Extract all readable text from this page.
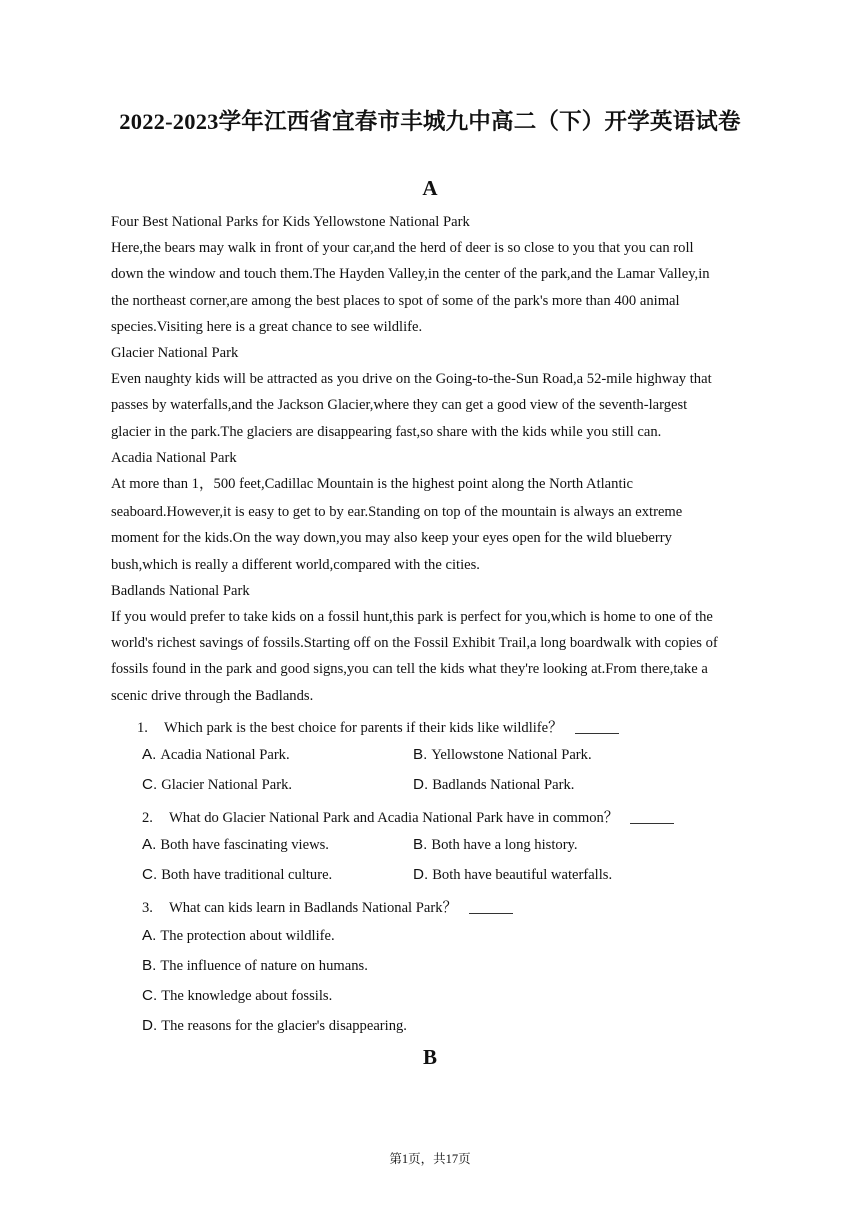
2022-2023学年江西省宜春市丰城九中高二（下）开学英语试卷
A
Four Best National Parks for Kids Yellowstone National Park
Here,the bears may walk in front of your car,and the herd of deer is so close to you that you can roll
down the window and touch them.The Hayden Valley,in the center of the park,and the Lamar Valley,in
the northeast corner,are among the best places to spot of some of the park's more than 400 animal
species.Visiting here is a great chance to see wildlife.
Glacier National Park
Even naughty kids will be attracted as you drive on the Going-to-the-Sun Road,a 52-mile highway that
passes by waterfalls,and the Jackson Glacier,where they can get a good view of the seventh-largest
glacier in the park.The glaciers are disappearing fast,so share with the kids while you still can.
Acadia National Park
At more than 1，500 feet,Cadillac Mountain is the highest point along the North Atlantic
seaboard.However,it is easy to get to by ear.Standing on top of the mountain is always an extreme
moment for the kids.On the way down,you may also keep your eyes open for the wild blueberry
bush,which is really a different world,compared with the cities.
Badlands National Park
If you would prefer to take kids on a fossil hunt,this park is perfect for you,which is home to one of the
world's richest savings of fossils.Starting off on the Fossil Exhibit Trail,a long boardwalk with copies of
fossils found in the park and good signs,you can tell the kids what they're looking at.From there,take a
scenic drive through the Badlands.
1. Which park is the best choice for parents if their kids like wildlife？
A. Acadia National Park.	B. Yellowstone National Park.
C. Glacier National Park.	D. Badlands National Park.
2. What do Glacier National Park and Acadia National Park have in common？
A. Both have fascinating views.	B. Both have a long history.
C. Both have traditional culture.	D. Both have beautiful waterfalls.
3. What can kids learn in Badlands National Park？
A. The protection about wildlife.
B. The influence of nature on humans.
C. The knowledge about fossils.
D. The reasons for the glacier's disappearing.
B
第1页，共17页
